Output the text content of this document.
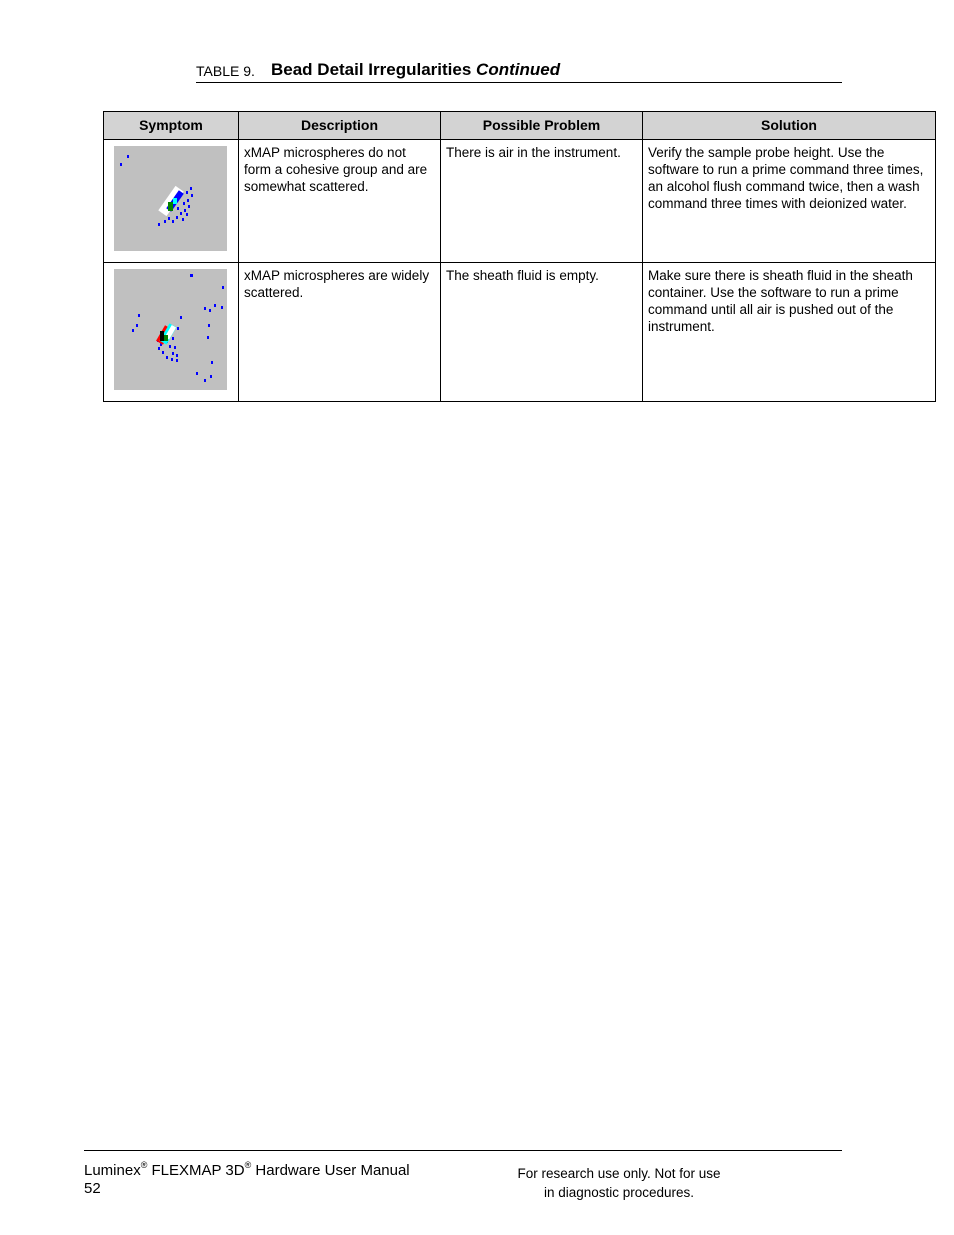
TABLE 9. Bead Detail Irregularities Continued
Symptom	Description	Possible Problem	Solution

	xMAP microspheres do not form a cohesive group and are somewhat scattered.	There is air in the instrument.	Verify the sample probe height. Use the software to run a prime command three times, an alcohol flush command twice, then a wash command three times with deionized water.

	xMAP microspheres are widely scattered.	The sheath fluid is empty.	Make sure there is sheath fluid in the sheath container. Use the software to run a prime command until all air is pushed out of the instrument.
Luminex® FLEXMAP 3D® Hardware User Manual
52
For research use only. Not for use
in diagnostic procedures.
